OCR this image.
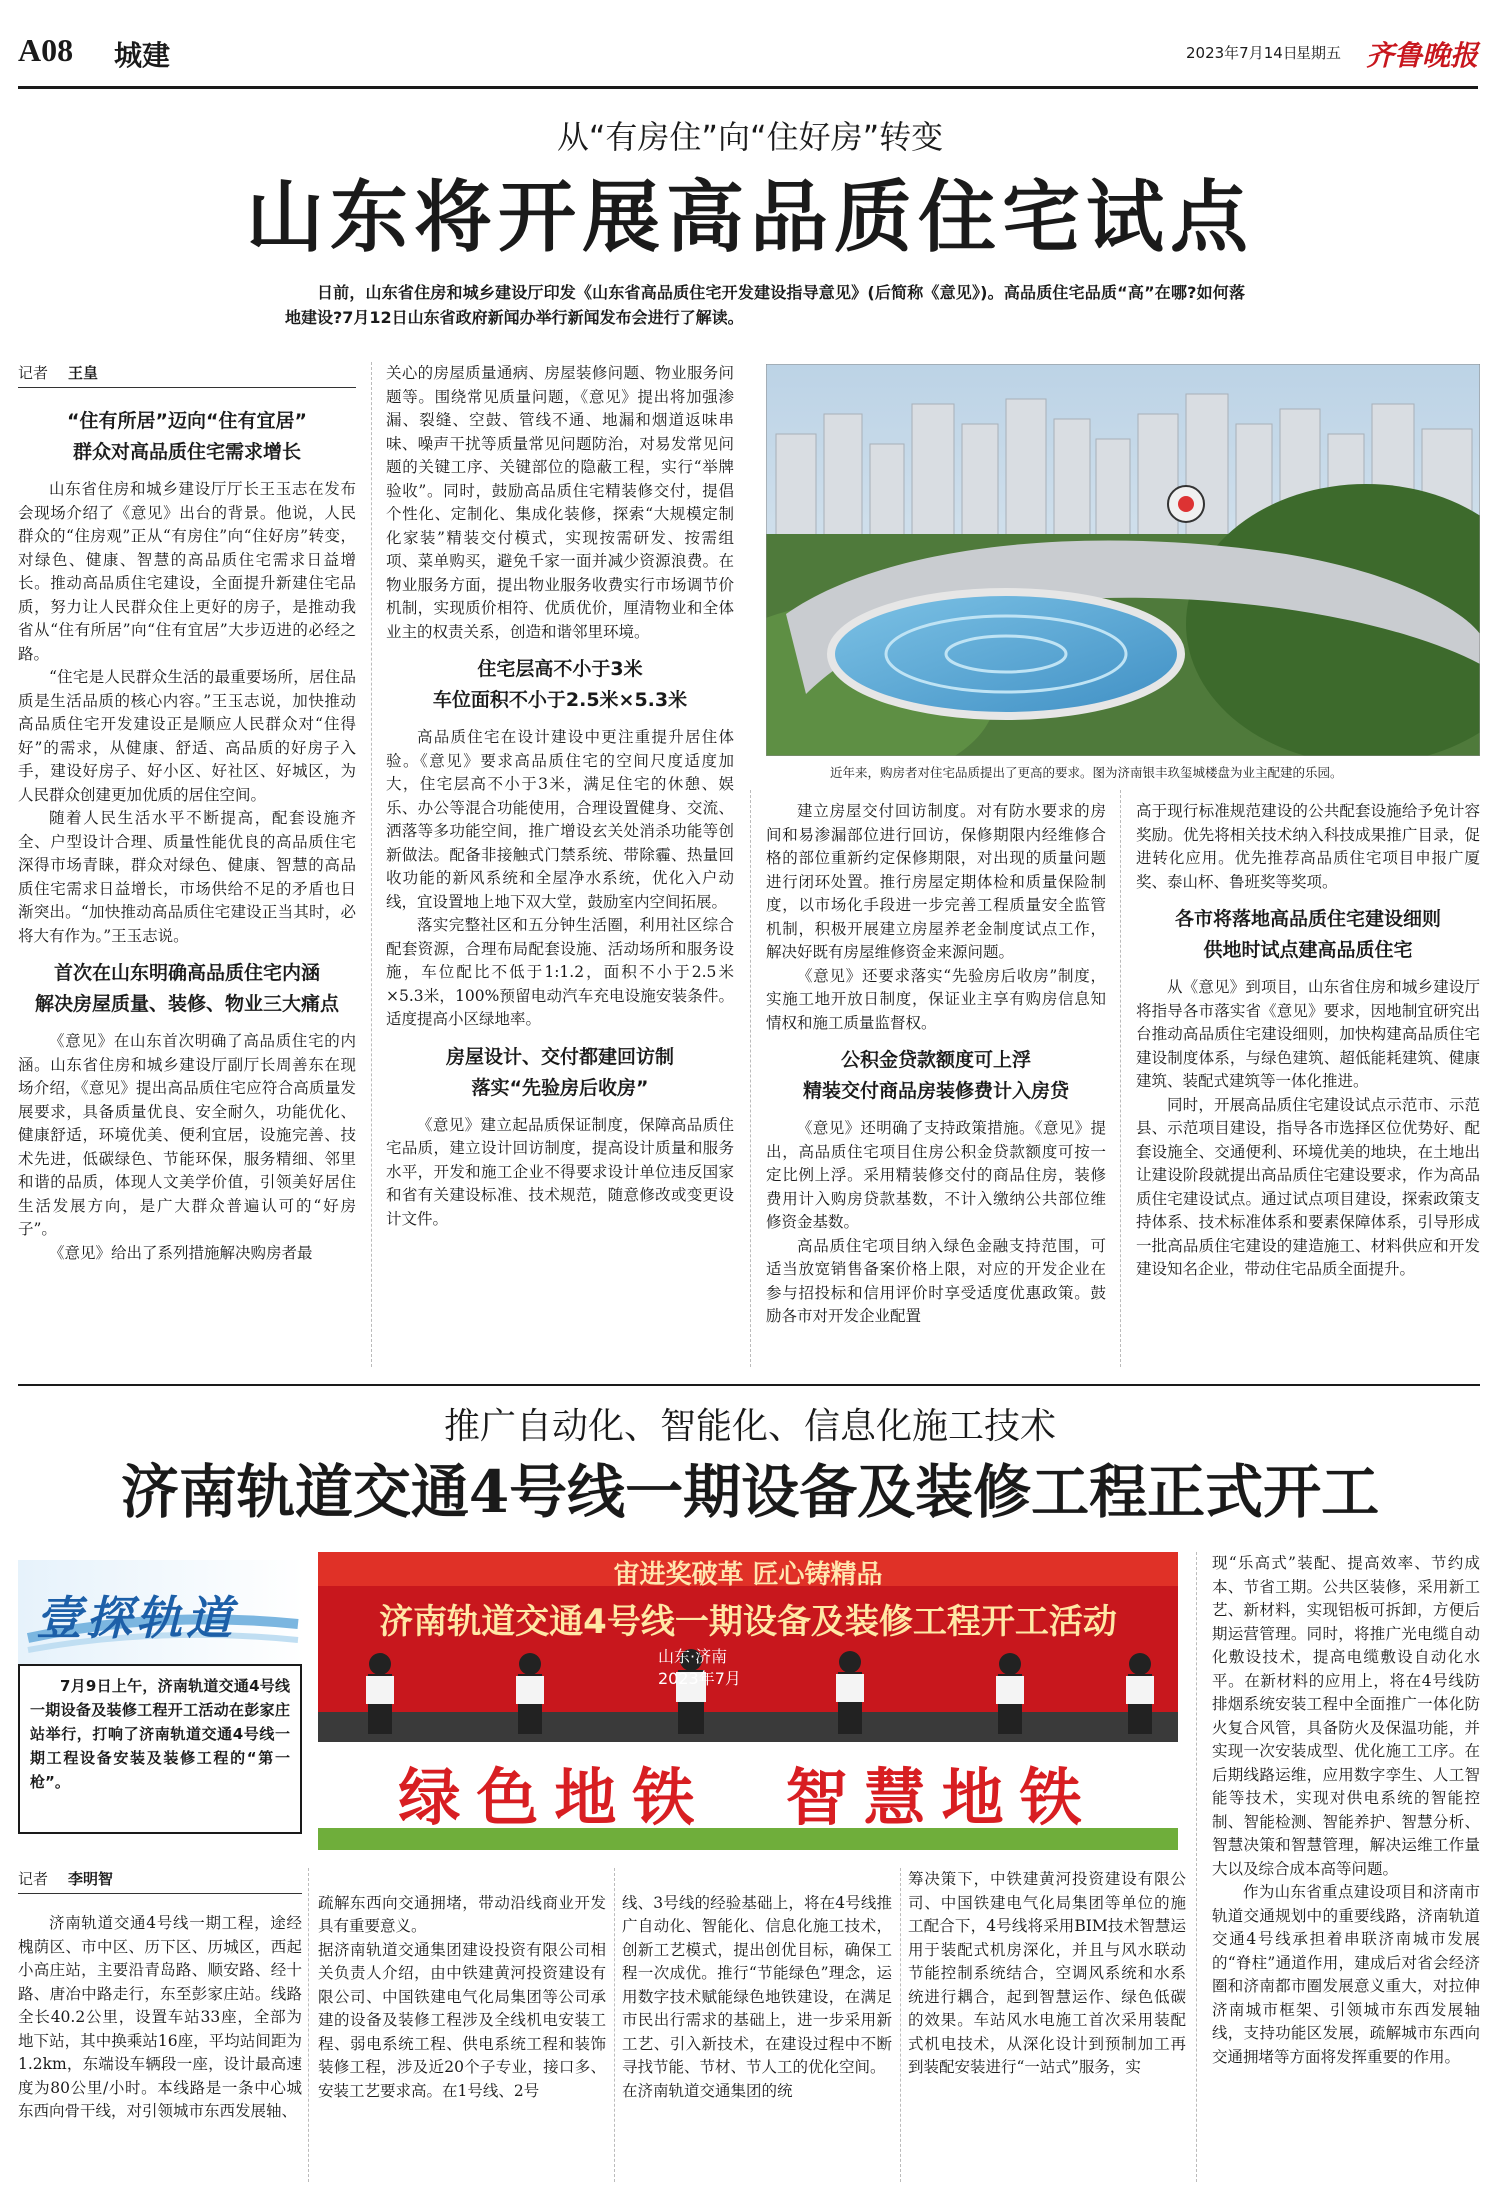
A08 城建	2023年7月14日
星期五 齐鲁晚报
从“有房住”向“住好房”转变
山东将开展高品质住宅试点
日前，山东省住房和城乡建设厅印发《山东省高品质住宅开发建设指导意见》(后简称《意见》)。高品质住宅品质“高”在哪?如何落地建设?7月12日山东省政府新闻办举行新闻发布会进行了解读。
记者 王皇
“住有所居”迈向“住有宜居”
群众对高品质住宅需求增长

山东省住房和城乡建设厅厅长王玉志在发布会现场介绍了《意见》出台的背景。他说，人民群众的“住房观”正从“有房住”向“住好房”转变，对绿色、健康、智慧的高品质住宅需求日益增长。推动高品质住宅建设，全面提升新建住宅品质，努力让人民群众住上更好的房子，是推动我省从“住有所居”向“住有宜居”大步迈进的必经之路。

“住宅是人民群众生活的最重要场所，居住品质是生活品质的核心内容。”王玉志说，加快推动高品质住宅开发建设正是顺应人民群众对“住得好”的需求，从健康、舒适、高品质的好房子入手，建设好房子、好小区、好社区、好城区，为人民群众创建更加优质的居住空间。

随着人民生活水平不断提高，配套设施齐全、户型设计合理、质量性能优良的高品质住宅深得市场青睐，群众对绿色、健康、智慧的高品质住宅需求日益增长，市场供给不足的矛盾也日渐突出。“加快推动高品质住宅建设正当其时，必将大有作为。”王玉志说。

首次在山东明确高品质住宅内涵
解决房屋质量、装修、物业三大痛点

《意见》在山东首次明确了高品质住宅的内涵。山东省住房和城乡建设厅副厅长周善东在现场介绍，《意见》提出高品质住宅应符合高质量发展要求，具备质量优良、安全耐久，功能优化、健康舒适，环境优美、便利宜居，设施完善、技术先进，低碳绿色、节能环保，服务精细、邻里和谐的品质，体现人文美学价值，引领美好居住生活发展方向，是广大群众普遍认可的“好房子”。

《意见》给出了系列措施解决购房者最

关心的房屋质量通病、房屋装修问题、物业服务问题等。围绕常见质量问题，《意见》提出将加强渗漏、裂缝、空鼓、管线不通、地漏和烟道返味串味、噪声干扰等质量常见问题防治，对易发常见问题的关键工序、关键部位的隐蔽工程，实行“举牌验收”。同时，鼓励高品质住宅精装修交付，提倡个性化、定制化、集成化装修，探索“大规模定制化家装”精装交付模式，实现按需研发、按需组项、菜单购买，避免千家一面并减少资源浪费。在物业服务方面，提出物业服务收费实行市场调节价机制，实现质价相符、优质优价，厘清物业和全体业主的权责关系，创造和谐邻里环境。

住宅层高不小于3米
车位面积不小于2.5米×5.3米

高品质住宅在设计建设中更注重提升居住体验。《意见》要求高品质住宅的空间尺度适度加大，住宅层高不小于3米，满足住宅的休憩、娱乐、办公等混合功能使用，合理设置健身、交流、洒落等多功能空间，推广增设玄关处消杀功能等创新做法。配备非接触式门禁系统、带除霾、热量回收功能的新风系统和全屋净水系统，优化入户动线，宜设置地上地下双大堂，鼓励室内空间拓展。

落实完整社区和五分钟生活圈，利用社区综合配套资源，合理布局配套设施、活动场所和服务设施，车位配比不低于1:1.2，面积不小于2.5米×5.3米，100%预留电动汽车充电设施安装条件。适度提高小区绿地率。

房屋设计、交付都建回访制
落实“先验房后收房”

《意见》建立起品质保证制度，保障高品质住宅品质，建立设计回访制度，提高设计质量和服务水平，开发和施工企业不得要求设计单位违反国家和省有关建设标准、技术规范，随意修改或变更设计文件。

近年来，购房者对住宅品质提出了更高的要求。图为济南银丰玖玺城楼盘为业主配建的乐园。

建立房屋交付回访制度。对有防水要求的房间和易渗漏部位进行回访，保修期限内经维修合格的部位重新约定保修期限，对出现的质量问题进行闭环处置。推行房屋定期体检和质量保险制度，以市场化手段进一步完善工程质量安全监管机制，积极开展建立房屋养老金制度试点工作，解决好既有房屋维修资金来源问题。

《意见》还要求落实“先验房后收房”制度，实施工地开放日制度，保证业主享有购房信息知情权和施工质量监督权。

公积金贷款额度可上浮
精装交付商品房装修费计入房贷

《意见》还明确了支持政策措施。《意见》提出，高品质住宅项目住房公积金贷款额度可按一定比例上浮。采用精装修交付的商品住房，装修费用计入购房贷款基数，不计入缴纳公共部位维修资金基数。

高品质住宅项目纳入绿色金融支持范围，可适当放宽销售备案价格上限，对应的开发企业在参与招投标和信用评价时享受适度优惠政策。鼓励各市对开发企业配置

高于现行标准规范建设的公共配套设施给予免计容奖励。优先将相关技术纳入科技成果推广目录，促进转化应用。优先推荐高品质住宅项目申报广厦奖、泰山杯、鲁班奖等奖项。

各市将落地高品质住宅建设细则
供地时试点建高品质住宅

从《意见》到项目，山东省住房和城乡建设厅将指导各市落实省《意见》要求，因地制宜研究出台推动高品质住宅建设细则，加快构建高品质住宅建设制度体系，与绿色建筑、超低能耗建筑、健康建筑、装配式建筑等一体化推进。

同时，开展高品质住宅建设试点示范市、示范县、示范项目建设，指导各市选择区位优势好、配套设施全、交通便利、环境优美的地块，在土地出让建设阶段就提出高品质住宅建设要求，作为高品质住宅建设试点。通过试点项目建设，探索政策支持体系、技术标准体系和要素保障体系，引导形成一批高品质住宅建设的建造施工、材料供应和开发建设知名企业，带动住宅品质全面提升。

推广自动化、智能化、信息化施工技术
济南轨道交通4号线一期设备及装修工程正式开工
壹探轨道
7月9日上午，济南轨道交通4号线一期设备及装修工程开工活动在彭家庄站举行，打响了济南轨道交通4号线一期工程设备安装及装修工程的“第一枪”。
宙进奖破革 匠心铸精品
济南轨道交通4号线一期设备及装修工程开工活动
山东·济南
2023年7月
绿色地铁  智慧地铁

现“乐高式”装配、提高效率、节约成本、节省工期。公共区装修，采用新工艺、新材料，实现铝板可拆卸，方便后期运营管理。同时，将推广光电缆自动化敷设技术，提高电缆敷设自动化水平。在新材料的应用上，将在4号线防排烟系统安装工程中全面推广一体化防火复合风管，具备防火及保温功能，并实现一次安装成型、优化施工工序。在后期线路运维，应用数字孪生、人工智能等技术，实现对供电系统的智能控制、智能检测、智能养护、智慧分析、智慧决策和智慧管理，解决运维工作量大以及综合成本高等问题。

作为山东省重点建设项目和济南市轨道交通规划中的重要线路，济南轨道交通4号线承担着串联济南城市发展的“脊柱”通道作用，建成后对省会经济圈和济南都市圈发展意义重大，对拉伸济南城市框架、引领城市东西发展轴线，支持功能区发展，疏解城市东西向交通拥堵等方面将发挥重要的作用。

记者 李明智

济南轨道交通4号线一期工程，途经槐荫区、市中区、历下区、历城区，西起小高庄站，主要沿青岛路、顺安路、经十路、唐冶中路走行，东至彭家庄站。线路全长40.2公里，设置车站33座，全部为地下站，其中换乘站16座，平均站间距为1.2km，东端设车辆段一座，设计最高速度为80公里/小时。本线路是一条中心城东西向骨干线，对引领城市东西发展轴、

疏解东西向交通拥堵，带动沿线商业开发具有重要意义。
据济南轨道交通集团建设投资有限公司相关负责人介绍，由中铁建黄河投资建设有限公司、中国铁建电气化局集团等公司承建的设备及装修工程涉及全线机电安装工程、弱电系统工程、供电系统工程和装饰装修工程，涉及近20个子专业，接口多、安装工艺要求高。在1号线、2号

线、3号线的经验基础上，将在4号线推广自动化、智能化、信息化施工技术，创新工艺模式，提出创优目标，确保工程一次成优。推行“节能绿色”理念，运用数字技术赋能绿色地铁建设，在满足市民出行需求的基础上，进一步采用新工艺、引入新技术，在建设过程中不断寻找节能、节材、节人工的优化空间。
在济南轨道交通集团的统

筹决策下，中铁建黄河投资建设有限公司、中国铁建电气化局集团等单位的施工配合下，4号线将采用BIM技术智慧运用于装配式机房深化，并且与风水联动节能控制系统结合，空调风系统和水系统进行耦合，起到智慧运作、绿色低碳的效果。车站风水电施工首次采用装配式机电技术，从深化设计到预制加工再到装配安装进行“一站式”服务，实
